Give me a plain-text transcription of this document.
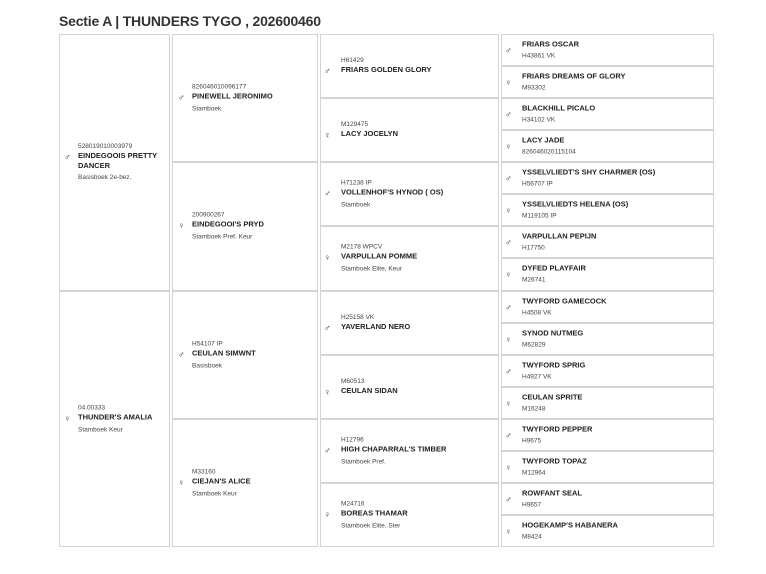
Sectie A | THUNDERS TYGO , 202600460
528019010003979
♂ EINDEGOOIS PRETTY DANCER
Basisboek 2e-bez.
04.00333
♀ THUNDER'S AMALIA
Stamboek Keur
826046010096177
♂ PINEWELL JERONIMO
Stamboek
200900267
♀ EINDEGOOI'S PRYD
Stamboek Pref. Keur
H54107 IP
♂ CEULAN SIMWNT
Basisboek
M33160
♀ CIEJAN'S ALICE
Stamboek Keur
H61429
♂	FRIARS GOLDEN GLORY
M129475
♀	LACY JOCELYN
H71238 IP
♂	VOLLENHOF'S HYNOD ( OS)
Stamboek
M2178 WPCV
♀	VARPULLAN POMME
Stamboek Elite, Keur
H25158 VK
♂	YAVERLAND NERO
M60513
♀	CEULAN SIDAN
H12796
♂	HIGH CHAPARRAL'S TIMBER
Stamboek Pref.
M24716
♀	BOREAS THAMAR
Stamboek Elite, Ster
♂
FRIARS OSCAR
H43861 VK
♀
FRIARS DREAMS OF GLORY
M93302
♂
BLACKHILL PICALO
H34102 VK
♀
LACY JADE
826046020115104
♂
YSSELVLIEDT'S SHY CHARMER (OS)
H56707 IP
♀
YSSELVLIEDTS HELENA (OS)
M119105 IP
♂
VARPULLAN PEPIJN
H17750
♀
DYFED PLAYFAIR
M26741
♂
TWYFORD GAMECOCK
H4508 VK
♀
SYNOD NUTMEG
M62829
♂
TWYFORD SPRIG
H4927 VK
♀
CEULAN SPRITE
M16248
♂
TWYFORD PEPPER
H9675
♀
TWYFORD TOPAZ
M12964
♂
ROWFANT SEAL
H9657
♀
HOGEKAMP'S HABANERA
M8424
